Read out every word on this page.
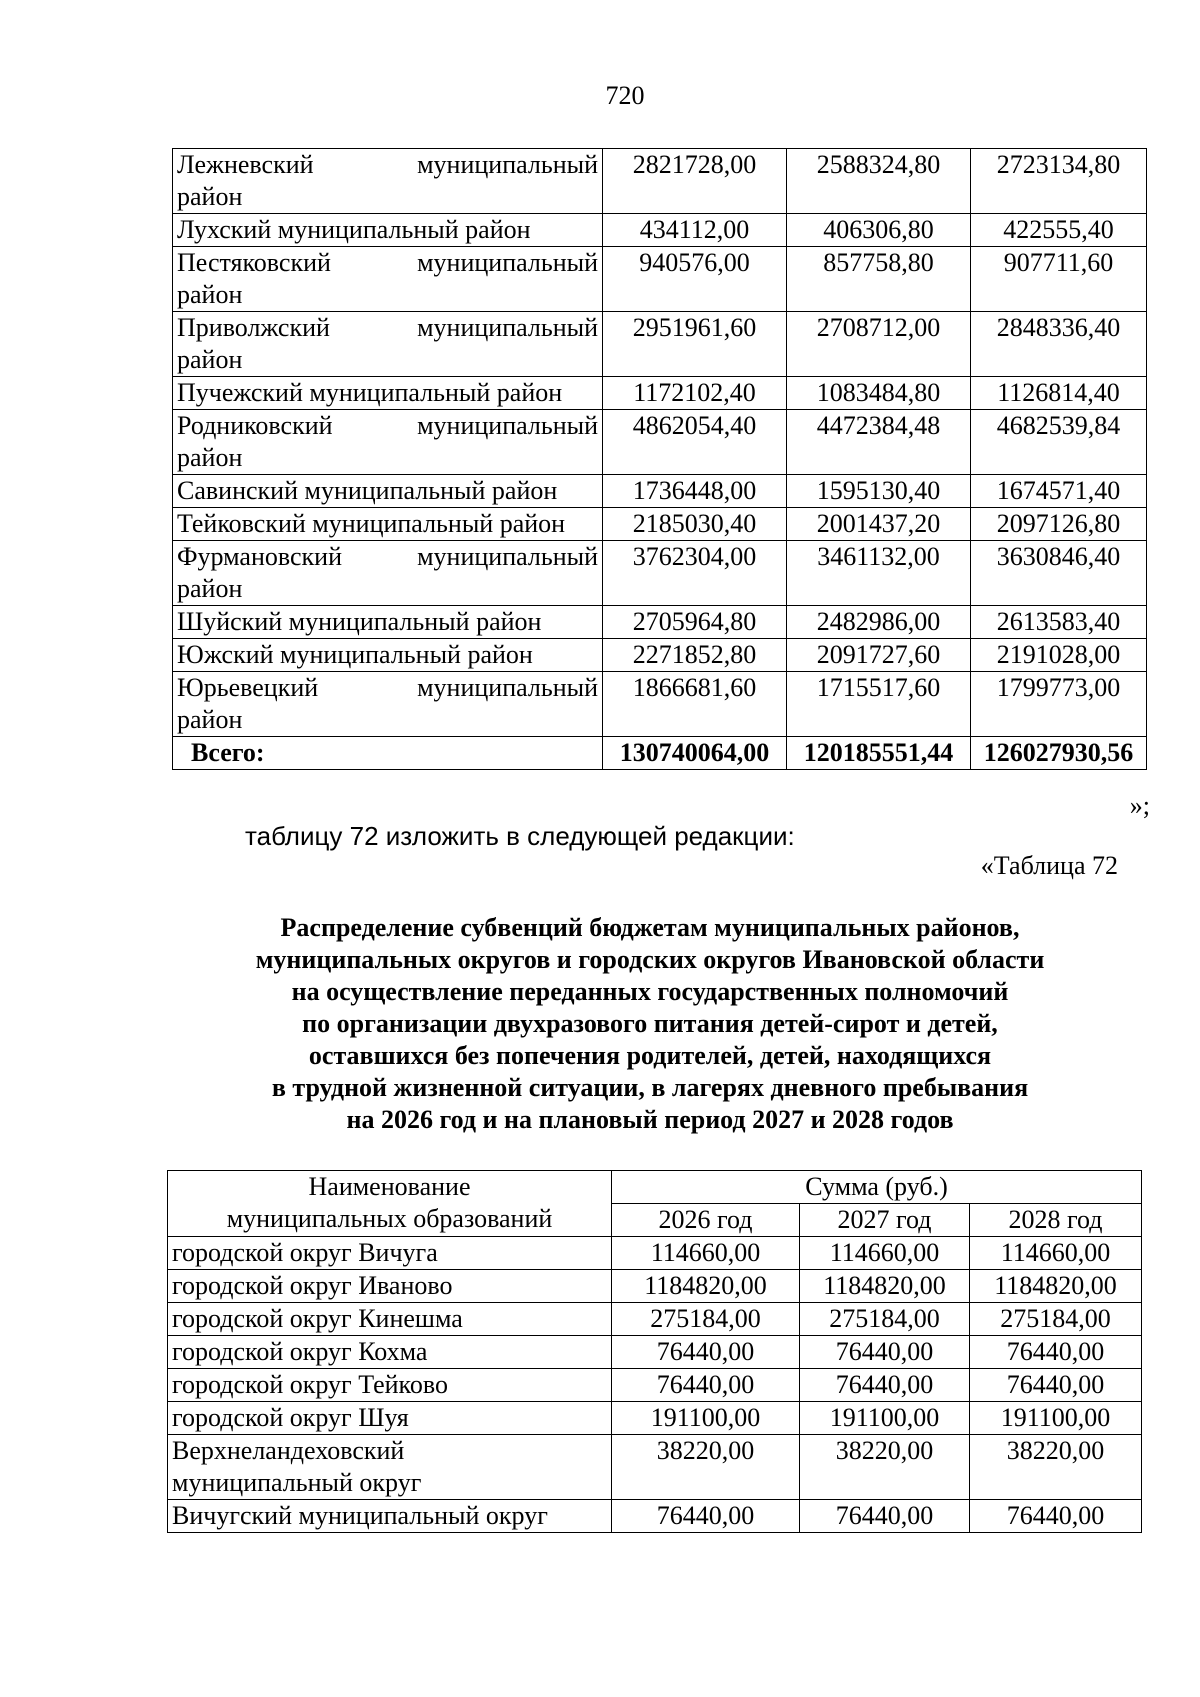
720
Лежневский муниципальный
район	2821728,00	2588324,80	2723134,80
Лухский муниципальный район	434112,00	406306,80	422555,40

Пестяковский муниципальный
район	940576,00	857758,80	907711,60

Приволжский муниципальный
район	2951961,60	2708712,00	2848336,40
Пучежский муниципальный район	1172102,40	1083484,80	1126814,40

Родниковский муниципальный
район	4862054,40	4472384,48	4682539,84
Савинский муниципальный район	1736448,00	1595130,40	1674571,40
Тейковский муниципальный район	2185030,40	2001437,20	2097126,80

Фурмановский муниципальный
район	3762304,00	3461132,00	3630846,40
Шуйский муниципальный район	2705964,80	2482986,00	2613583,40
Южский муниципальный район	2271852,80	2091727,60	2191028,00

Юрьевецкий муниципальный
район	1866681,60	1715517,60	1799773,00
Всего:	130740064,00	120185551,44	126027930,56
»;
таблицу 72 изложить в следующей редакции:
«Таблица 72
Распределение субвенций бюджетам муниципальных районов,
муниципальных округов и городских округов Ивановской области
на осуществление переданных государственных полномочий
по организации двухразового питания детей-сирот и детей,
оставшихся без попечения родителей, детей, находящихся
в трудной жизненной ситуации, в лагерях дневного пребывания
на 2026 год и на плановый период 2027 и 2028 годов
Наименование
муниципальных образований	Сумма (руб.)		
	2026 год	2027 год	2028 год
городской округ Вичуга	114660,00	114660,00	114660,00
городской округ Иваново	1184820,00	1184820,00	1184820,00
городской округ Кинешма	275184,00	275184,00	275184,00
городской округ Кохма	76440,00	76440,00	76440,00
городской округ Тейково	76440,00	76440,00	76440,00
городской округ Шуя	191100,00	191100,00	191100,00

Верхнеландеховский
муниципальный округ	38220,00	38220,00	38220,00
Вичугский муниципальный округ	76440,00	76440,00	76440,00
